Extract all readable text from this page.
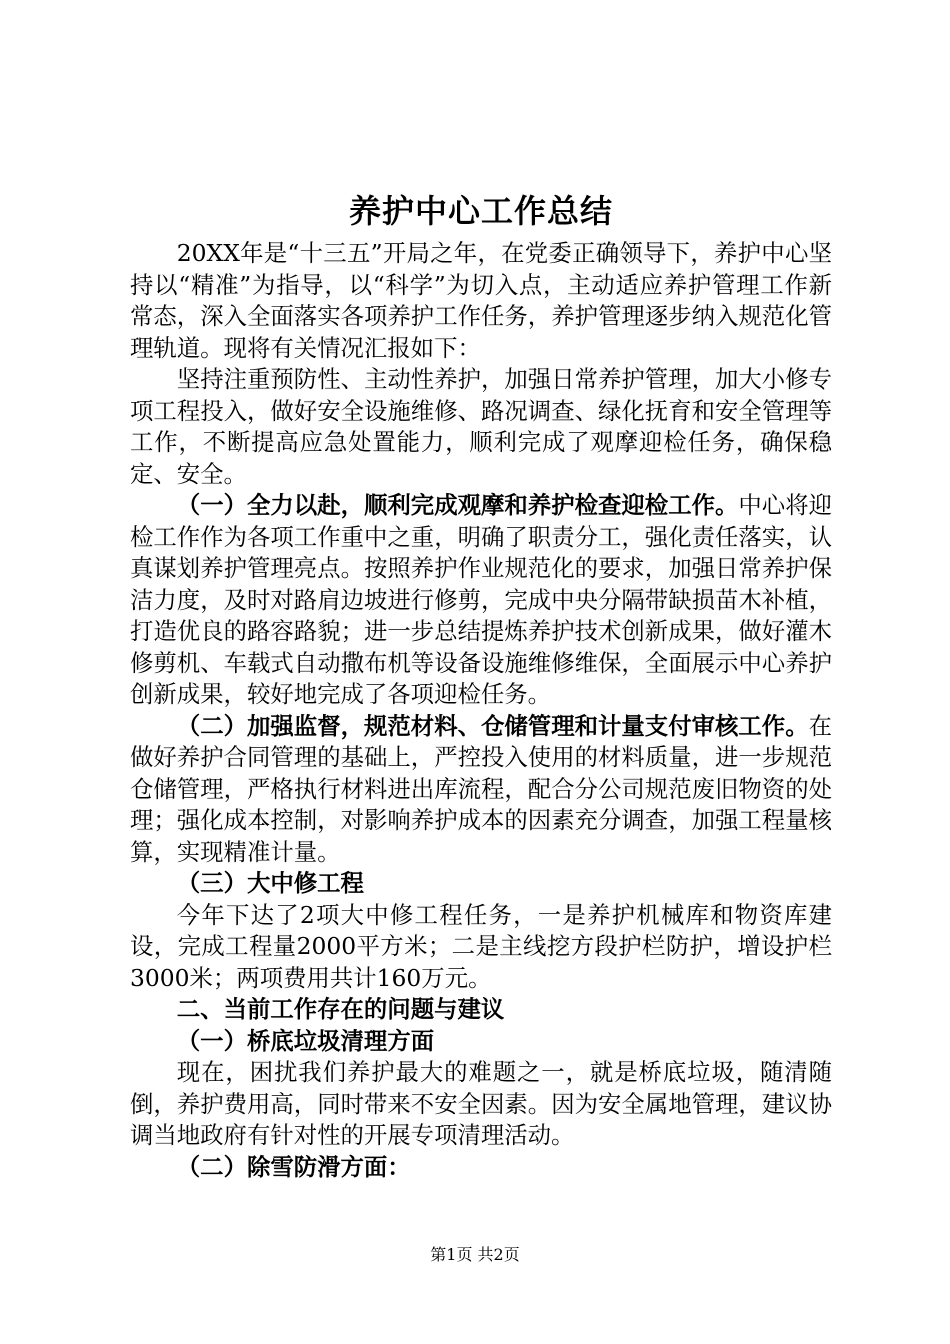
养护中心工作总结

20XX年是“十三五”开局之年，在党委正确领导下，养护中心坚持以“精准”为指导，以“科学”为切入点，主动适应养护管理工作新常态，深入全面落实各项养护工作任务，养护管理逐步纳入规范化管理轨道。现将有关情况汇报如下：

坚持注重预防性、主动性养护，加强日常养护管理，加大小修专项工程投入，做好安全设施维修、路况调查、绿化抚育和安全管理等工作，不断提高应急处置能力，顺利完成了观摩迎检任务，确保稳定、安全。

（一）全力以赴，顺利完成观摩和养护检查迎检工作。中心将迎检工作作为各项工作重中之重，明确了职责分工，强化责任落实，认真谋划养护管理亮点。按照养护作业规范化的要求，加强日常养护保洁力度，及时对路肩边坡进行修剪，完成中央分隔带缺损苗木补植，打造优良的路容路貌；进一步总结提炼养护技术创新成果，做好灌木修剪机、车载式自动撒布机等设备设施维修维保，全面展示中心养护创新成果，较好地完成了各项迎检任务。

（二）加强监督，规范材料、仓储管理和计量支付审核工作。在做好养护合同管理的基础上，严控投入使用的材料质量，进一步规范仓储管理，严格执行材料进出库流程，配合分公司规范废旧物资的处理；强化成本控制，对影响养护成本的因素充分调查，加强工程量核算，实现精准计量。

（三）大中修工程

今年下达了2项大中修工程任务，一是养护机械库和物资库建设，完成工程量2000平方米；二是主线挖方段护栏防护，增设护栏3000米；两项费用共计160万元。

二、当前工作存在的问题与建议

（一）桥底垃圾清理方面

现在，困扰我们养护最大的难题之一，就是桥底垃圾，随清随倒，养护费用高，同时带来不安全因素。因为安全属地管理，建议协调当地政府有针对性的开展专项清理活动。

（二）除雪防滑方面：

第1页 共2页
